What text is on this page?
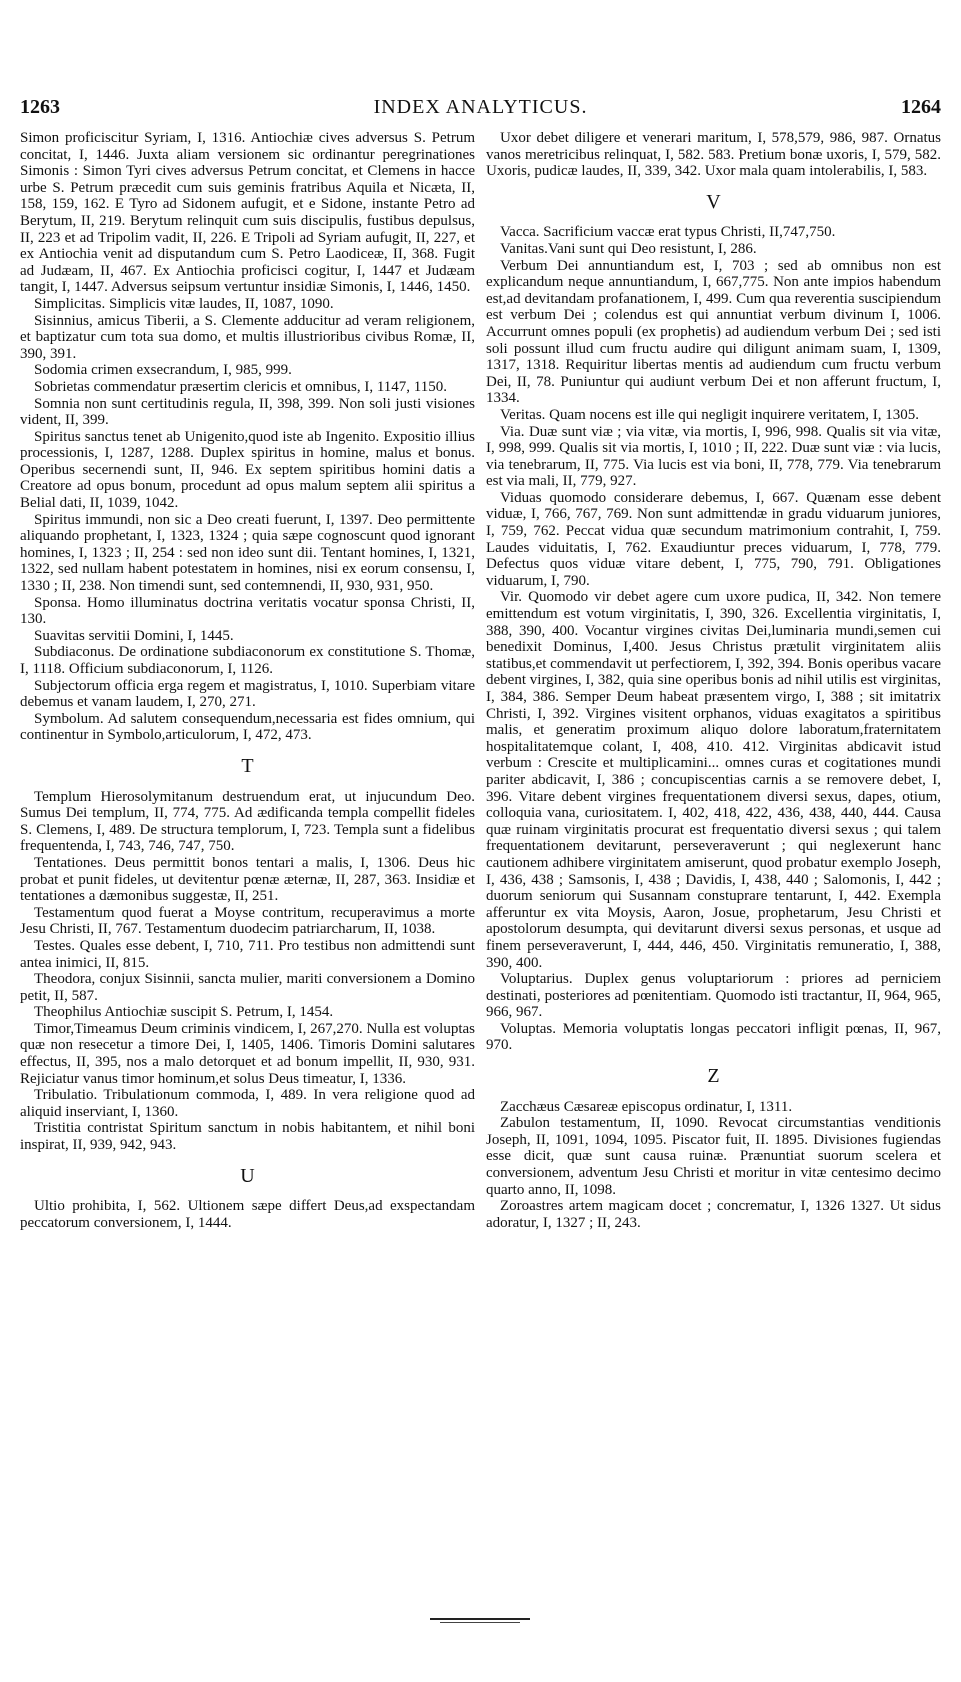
1263	INDEX ANALYTICUS.	1264

Simon proficiscitur Syriam, I, 1316. Antiochiæ cives adversus S. Petrum concitat, I, 1446. Juxta aliam versionem sic ordinantur peregrinationes Simonis : Simon Tyri cives adversus Petrum concitat, et Clemens in hacce urbe S. Petrum præcedit cum suis geminis fratribus Aquila et Nicæta, II, 158, 159, 162. E Tyro ad Sidonem aufugit, et e Sidone, instante Petro ad Berytum, II, 219. Berytum relinquit cum suis discipulis, fustibus depulsus, II, 223 et ad Tripolim vadit, II, 226. E Tripoli ad Syriam aufugit, II, 227, et ex Antiochia venit ad disputandum cum S. Petro Laodiceæ, II, 368. Fugit ad Judæam, II, 467. Ex Antiochia proficisci cogitur, I, 1447 et Judæam tangit, I, 1447. Adversus seipsum vertuntur insidiæ Simonis, I, 1446, 1450.

Simplicitas. Simplicis vitæ laudes, II, 1087, 1090.

Sisinnius, amicus Tiberii, a S. Clemente adducitur ad veram religionem, et baptizatur cum tota sua domo, et multis illustrioribus civibus Romæ, II, 390, 391.

Sodomia crimen exsecrandum, I, 985, 999.

Sobrietas commendatur præsertim clericis et omnibus, I, 1147, 1150.

Somnia non sunt certitudinis regula, II, 398, 399. Non soli justi visiones vident, II, 399.

Spiritus sanctus tenet ab Unigenito,quod iste ab Ingenito. Expositio illius processionis, I, 1287, 1288. Duplex spiritus in homine, malus et bonus. Operibus secernendi sunt, II, 946. Ex septem spiritibus homini datis a Creatore ad opus bonum, procedunt ad opus malum septem alii spiritus a Belial dati, II, 1039, 1042.

Spiritus immundi, non sic a Deo creati fuerunt, I, 1397. Deo permittente aliquando prophetant, I, 1323, 1324 ; quia sæpe cognoscunt quod ignorant homines, I, 1323 ; II, 254 : sed non ideo sunt dii. Tentant homines, I, 1321, 1322, sed nullam habent potestatem in homines, nisi ex eorum consensu, I, 1330 ; II, 238. Non timendi sunt, sed contemnendi, II, 930, 931, 950.

Sponsa. Homo illuminatus doctrina veritatis vocatur sponsa Christi, II, 130.

Suavitas servitii Domini, I, 1445.

Subdiaconus. De ordinatione subdiaconorum ex constitutione S. Thomæ, I, 1118. Officium subdiaconorum, I, 1126.

Subjectorum officia erga regem et magistratus, I, 1010. Superbiam vitare debemus et vanam laudem, I, 270, 271.

Symbolum. Ad salutem consequendum,necessaria est fides omnium, qui continentur in Symbolo,articulorum, I, 472, 473.

T

Templum Hierosolymitanum destruendum erat, ut injucundum Deo. Sumus Dei templum, II, 774, 775. Ad ædificanda templa compellit fideles S. Clemens, I, 489. De structura templorum, I, 723. Templa sunt a fidelibus frequentenda, I, 743, 746, 747, 750.

Tentationes. Deus permittit bonos tentari a malis, I, 1306. Deus hic probat et punit fideles, ut devitentur pœnæ æternæ, II, 287, 363. Insidiæ et tentationes a dæmonibus suggestæ, II, 251.

Testamentum quod fuerat a Moyse contritum, recuperavimus a morte Jesu Christi, II, 767. Testamentum duodecim patriarcharum, II, 1038.

Testes. Quales esse debent, I, 710, 711. Pro testibus non admittendi sunt antea inimici, II, 815.

Theodora, conjux Sisinnii, sancta mulier, mariti conversionem a Domino petit, II, 587.

Theophilus Antiochiæ suscipit S. Petrum, I, 1454.

Timor,Timeamus Deum criminis vindicem, I, 267,270. Nulla est voluptas quæ non resecetur a timore Dei, I, 1405, 1406. Timoris Domini salutares effectus, II, 395, nos a malo detorquet et ad bonum impellit, II, 930, 931. Rejiciatur vanus timor hominum,et solus Deus timeatur, I, 1336.

Tribulatio. Tribulationum commoda, I, 489. In vera religione quod ad aliquid inserviant, I, 1360.

Tristitia contristat Spiritum sanctum in nobis habitantem, et nihil boni inspirat, II, 939, 942, 943.

U

Ultio prohibita, I, 562. Ultionem sæpe differt Deus,ad exspectandam peccatorum conversionem, I, 1444.

Uxor debet diligere et venerari maritum, I, 578,579, 986, 987. Ornatus vanos meretricibus relinquat, I, 582. 583. Pretium bonæ uxoris, I, 579, 582. Uxoris, pudicæ laudes, II, 339, 342. Uxor mala quam intolerabilis, I, 583.

V

Vacca. Sacrificium vaccæ erat typus Christi, II,747,750.

Vanitas.Vani sunt qui Deo resistunt, I, 286.

Verbum Dei annuntiandum est, I, 703 ; sed ab omnibus non est explicandum neque annuntiandum, I, 667,775. Non ante impios habendum est,ad devitandam profanationem, I, 499. Cum qua reverentia suscipiendum est verbum Dei ; colendus est qui annuntiat verbum divinum I, 1006. Accurrunt omnes populi (ex prophetis) ad audiendum verbum Dei ; sed isti soli possunt illud cum fructu audire qui diligunt animam suam, I, 1309, 1317, 1318. Requiritur libertas mentis ad audiendum cum fructu verbum Dei, II, 78. Puniuntur qui audiunt verbum Dei et non afferunt fructum, I, 1334.

Veritas. Quam nocens est ille qui negligit inquirere veritatem, I, 1305.

Via. Duæ sunt viæ ; via vitæ, via mortis, I, 996, 998. Qualis sit via vitæ, I, 998, 999. Qualis sit via mortis, I, 1010 ; II, 222. Duæ sunt viæ : via lucis, via tenebrarum, II, 775. Via lucis est via boni, II, 778, 779. Via tenebrarum est via mali, II, 779, 927.

Viduas quomodo considerare debemus, I, 667. Quænam esse debent viduæ, I, 766, 767, 769. Non sunt admittendæ in gradu viduarum juniores, I, 759, 762. Peccat vidua quæ secundum matrimonium contrahit, I, 759. Laudes viduitatis, I, 762. Exaudiuntur preces viduarum, I, 778, 779. Defectus quos viduæ vitare debent, I, 775, 790, 791. Obligationes viduarum, I, 790.

Vir. Quomodo vir debet agere cum uxore pudica, II, 342. Non temere emittendum est votum virginitatis, I, 390, 326. Excellentia virginitatis, I, 388, 390, 400. Vocantur virgines civitas Dei,luminaria mundi,semen cui benedixit Dominus, I,400. Jesus Christus prætulit virginitatem aliis statibus,et commendavit ut perfectiorem, I, 392, 394. Bonis operibus vacare debent virgines, I, 382, quia sine operibus bonis ad nihil utilis est virginitas, I, 384, 386. Semper Deum habeat præsentem virgo, I, 388 ; sit imitatrix Christi, I, 392. Virgines visitent orphanos, viduas exagitatos a spiritibus malis, et generatim proximum aliquo dolore laboratum,fraternitatem hospitalitatemque colant, I, 408, 410. 412. Virginitas abdicavit istud verbum : Crescite et multiplicamini... omnes curas et cogitationes mundi pariter abdicavit, I, 386 ; concupiscentias carnis a se removere debet, I, 396. Vitare debent virgines frequentationem diversi sexus, dapes, otium, colloquia vana, curiositatem. I, 402, 418, 422, 436, 438, 440, 444. Causa quæ ruinam virginitatis procurat est frequentatio diversi sexus ; qui talem frequentationem devitarunt, perseveraverunt ; qui neglexerunt hanc cautionem adhibere virginitatem amiserunt, quod probatur exemplo Joseph, I, 436, 438 ; Samsonis, I, 438 ; Davidis, I, 438, 440 ; Salomonis, I, 442 ; duorum seniorum qui Susannam constuprare tentarunt, I, 442. Exempla afferuntur ex vita Moysis, Aaron, Josue, prophetarum, Jesu Christi et apostolorum desumpta, qui devitarunt diversi sexus personas, et usque ad finem perseveraverunt, I, 444, 446, 450. Virginitatis remuneratio, I, 388, 390, 400.

Voluptarius. Duplex genus voluptariorum : priores ad perniciem destinati, posteriores ad pœnitentiam. Quomodo isti tractantur, II, 964, 965, 966, 967.

Voluptas. Memoria voluptatis longas peccatori infligit pœnas, II, 967, 970.

Z

Zacchæus Cæsareæ episcopus ordinatur, I, 1311.

Zabulon testamentum, II, 1090. Revocat circumstantias venditionis Joseph, II, 1091, 1094, 1095. Piscator fuit, II. 1895. Divisiones fugiendas esse dicit, quæ sunt causa ruinæ. Prænuntiat suorum scelera et conversionem, adventum Jesu Christi et moritur in vitæ centesimo decimo quarto anno, II, 1098.

Zoroastres artem magicam docet ; concrematur, I, 1326 1327. Ut sidus adoratur, I, 1327 ; II, 243.
